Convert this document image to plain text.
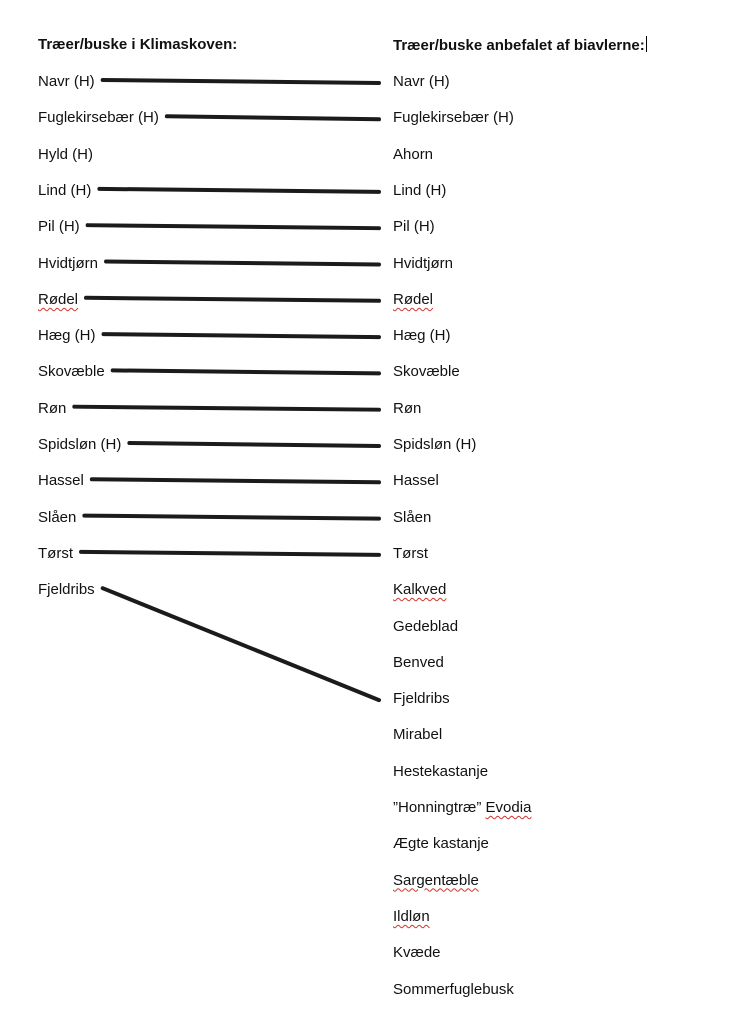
Træer/buske i Klimaskoven:
Navr (H)
Fuglekirsebær (H)
Hyld (H)
Lind (H)
Pil (H)
Hvidtjørn
Rødel
Hæg (H)
Skovæble
Røn
Spidsløn (H)
Hassel
Slåen
Tørst
Fjeldribs
Træer/buske anbefalet af biavlerne:
Navr (H)
Fuglekirsebær (H)
Ahorn
Lind (H)
Pil (H)
Hvidtjørn
Rødel
Hæg (H)
Skovæble
Røn
Spidsløn (H)
Hassel
Slåen
Tørst
Kalkved
Gedeblad
Benved
Fjeldribs
Mirabel
Hestekastanje
”Honningtræ” Evodia
Ægte kastanje
Sargentæble
Ildløn
Kvæde
Sommerfuglebusk
